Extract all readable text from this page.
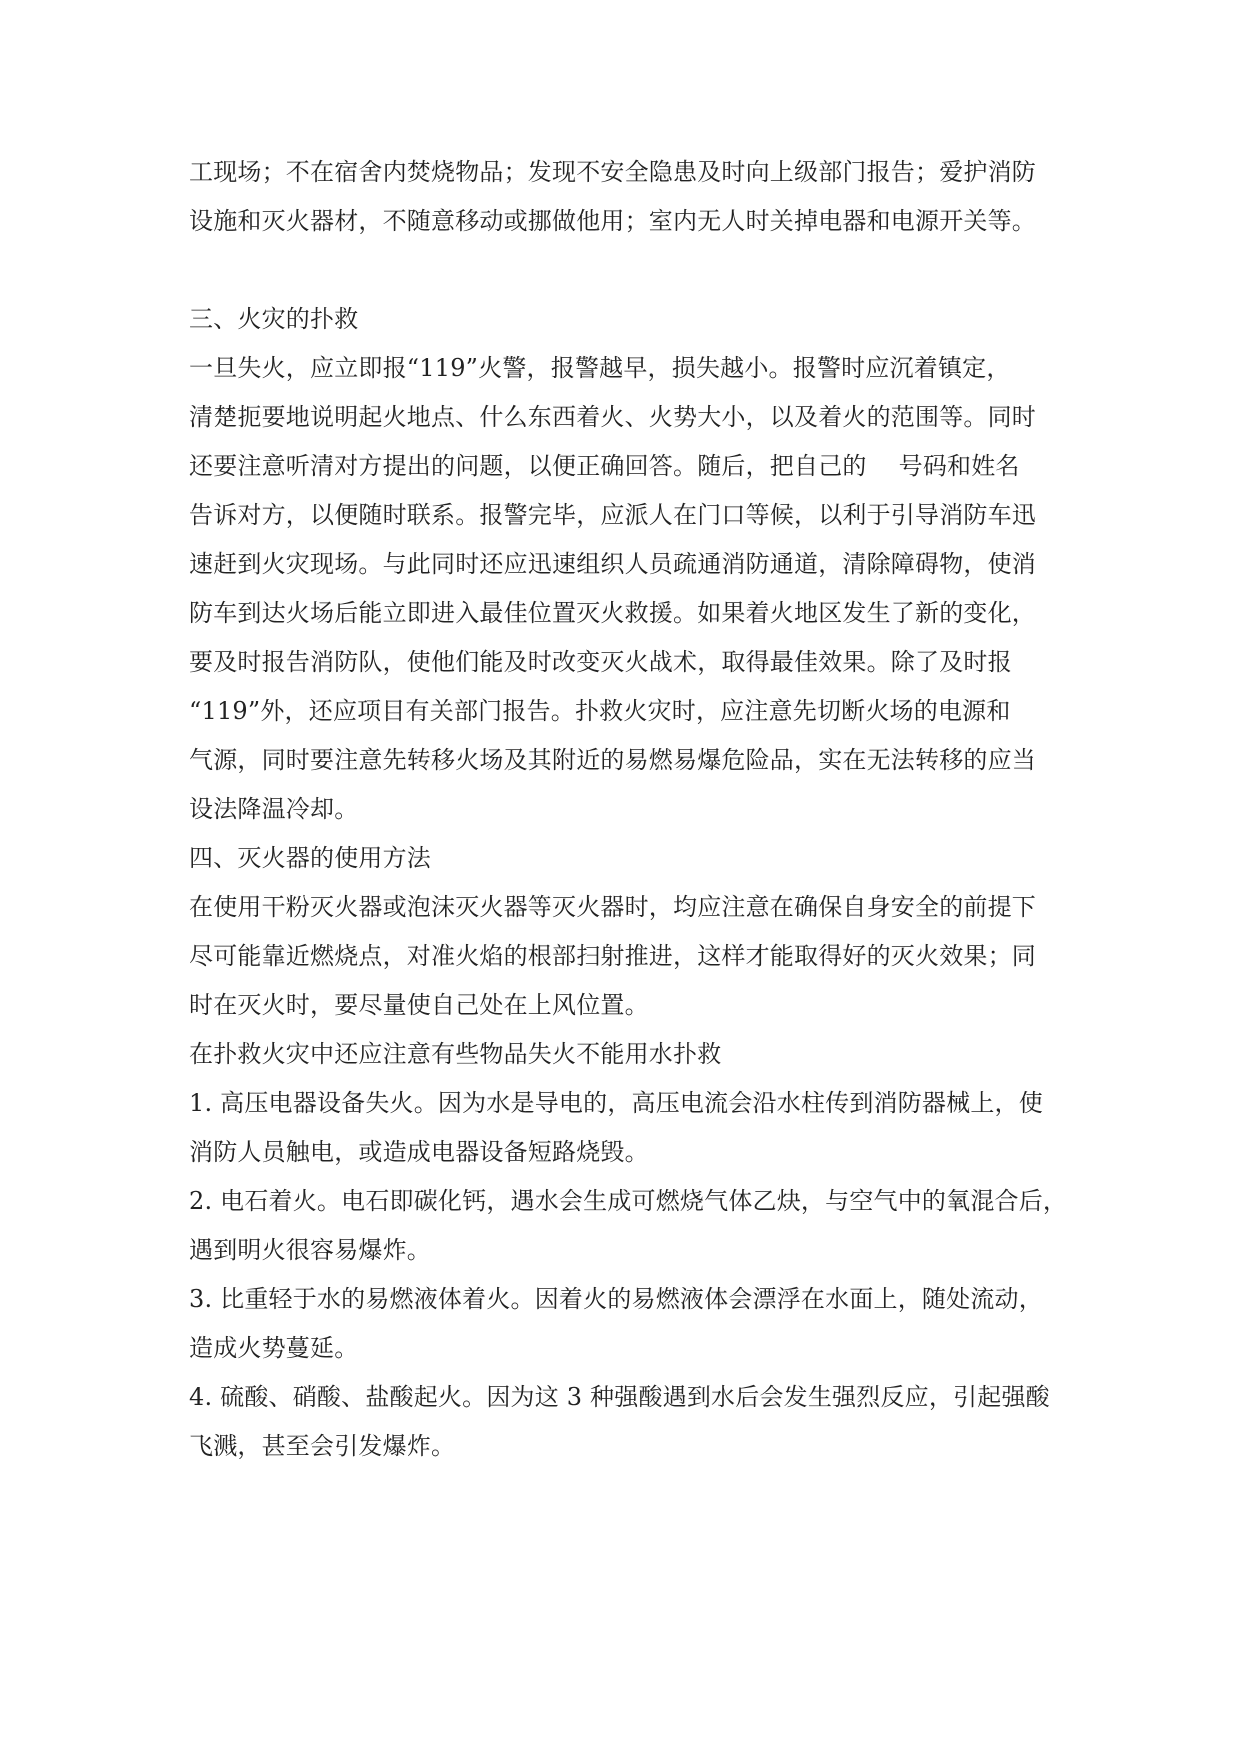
工现场；不在宿舍内焚烧物品；发现不安全隐患及时向上级部门报告；爱护消防
设施和灭火器材，不随意移动或挪做他用；室内无人时关掉电器和电源开关等。
三、火灾的扑救
一旦失火，应立即报“119”火警，报警越早，损失越小。报警时应沉着镇定，
清楚扼要地说明起火地点、什么东西着火、火势大小，以及着火的范围等。同时
还要注意听清对方提出的问题，以便正确回答。随后，把自己的　 号码和姓名
告诉对方，以便随时联系。报警完毕，应派人在门口等候，以利于引导消防车迅
速赶到火灾现场。与此同时还应迅速组织人员疏通消防通道，清除障碍物，使消
防车到达火场后能立即进入最佳位置灭火救援。如果着火地区发生了新的变化，
要及时报告消防队，使他们能及时改变灭火战术，取得最佳效果。除了及时报
“119”外，还应项目有关部门报告。扑救火灾时，应注意先切断火场的电源和
气源，同时要注意先转移火场及其附近的易燃易爆危险品，实在无法转移的应当
设法降温冷却。
四、灭火器的使用方法
在使用干粉灭火器或泡沫灭火器等灭火器时，均应注意在确保自身安全的前提下
尽可能靠近燃烧点，对准火焰的根部扫射推进，这样才能取得好的灭火效果；同
时在灭火时，要尽量使自己处在上风位置。
在扑救火灾中还应注意有些物品失火不能用水扑救
1. 高压电器设备失火。因为水是导电的，高压电流会沿水柱传到消防器械上，使
消防人员触电，或造成电器设备短路烧毁。
2. 电石着火。电石即碳化钙，遇水会生成可燃烧气体乙炔，与空气中的氧混合后，
遇到明火很容易爆炸。
3. 比重轻于水的易燃液体着火。因着火的易燃液体会漂浮在水面上，随处流动，
造成火势蔓延。
4. 硫酸、硝酸、盐酸起火。因为这 3 种强酸遇到水后会发生强烈反应，引起强酸
飞溅，甚至会引发爆炸。
